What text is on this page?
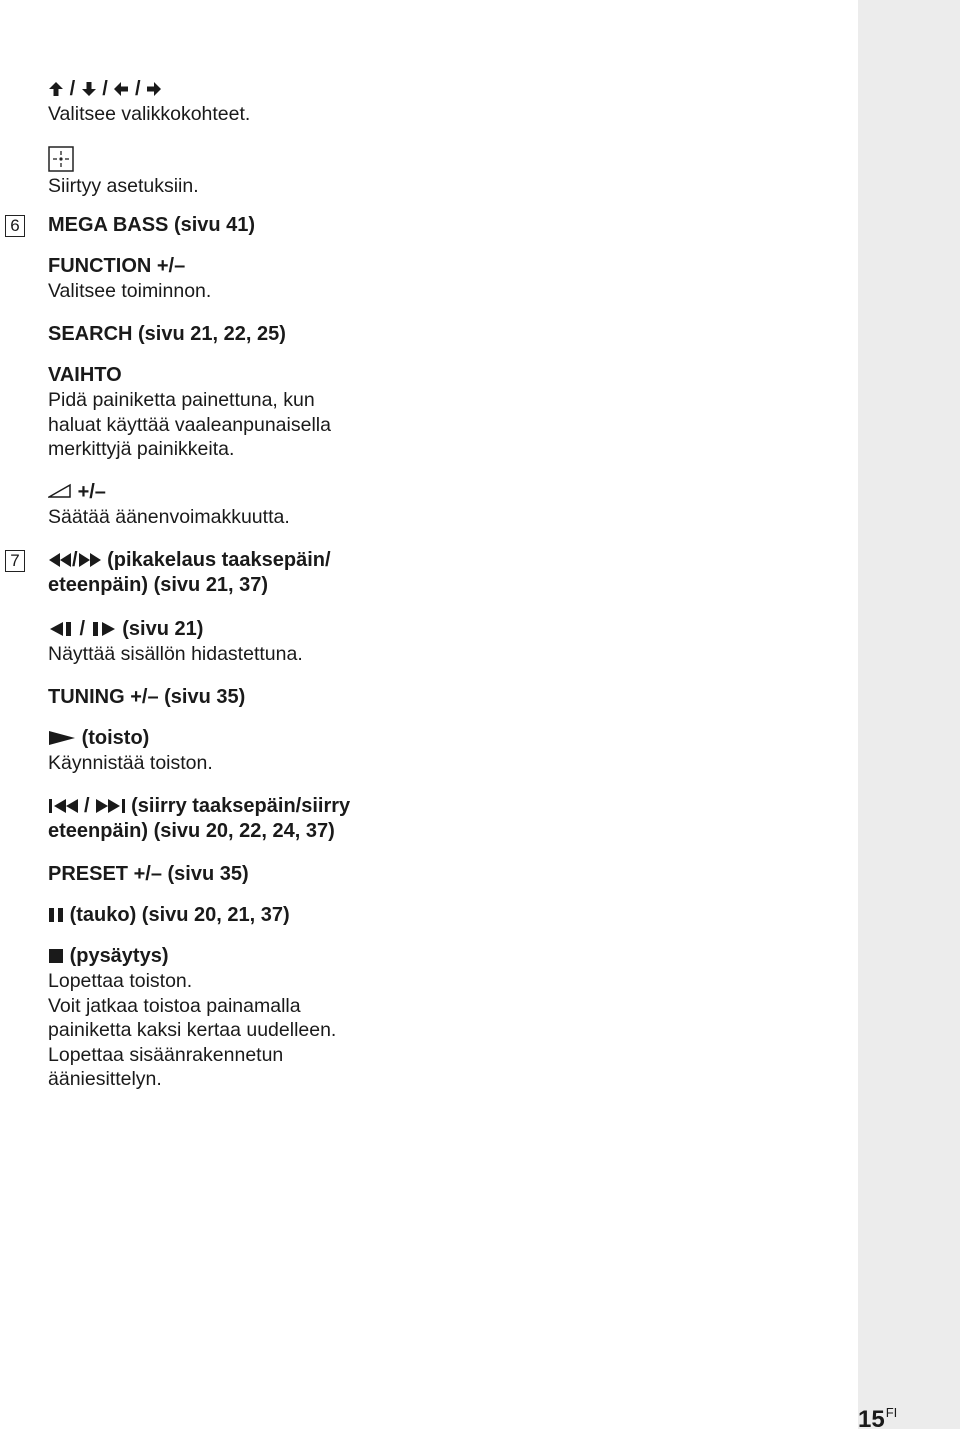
/ / /
Valitsee valikkokohteet.
Siirtyy asetuksiin.
MEGA BASS (sivu 41)
FUNCTION +/–
Valitsee toiminnon.
SEARCH (sivu 21, 22, 25)
VAIHTO
Pidä painiketta painettuna, kun
haluat käyttää vaaleanpunaisella
merkittyjä painikkeita.
+/–
Säätää äänenvoimakkuutta.
/ (pikakelaus taaksepäin/
eteenpäin) (sivu 21, 37)
/  (sivu 21)
Näyttää sisällön hidastettuna.
TUNING +/– (sivu 35)
(toisto)
Käynnistää toiston.
/ (siirry taaksepäin/siirry
eteenpäin) (sivu 20, 22, 24, 37)
PRESET +/– (sivu 35)
(tauko) (sivu 20, 21, 37)
(pysäytys)
Lopettaa toiston.
Voit jatkaa toistoa painamalla
painiketta kaksi kertaa uudelleen.
Lopettaa sisäänrakennetun
ääniesittelyn.
6
7
$15^{FI}$
